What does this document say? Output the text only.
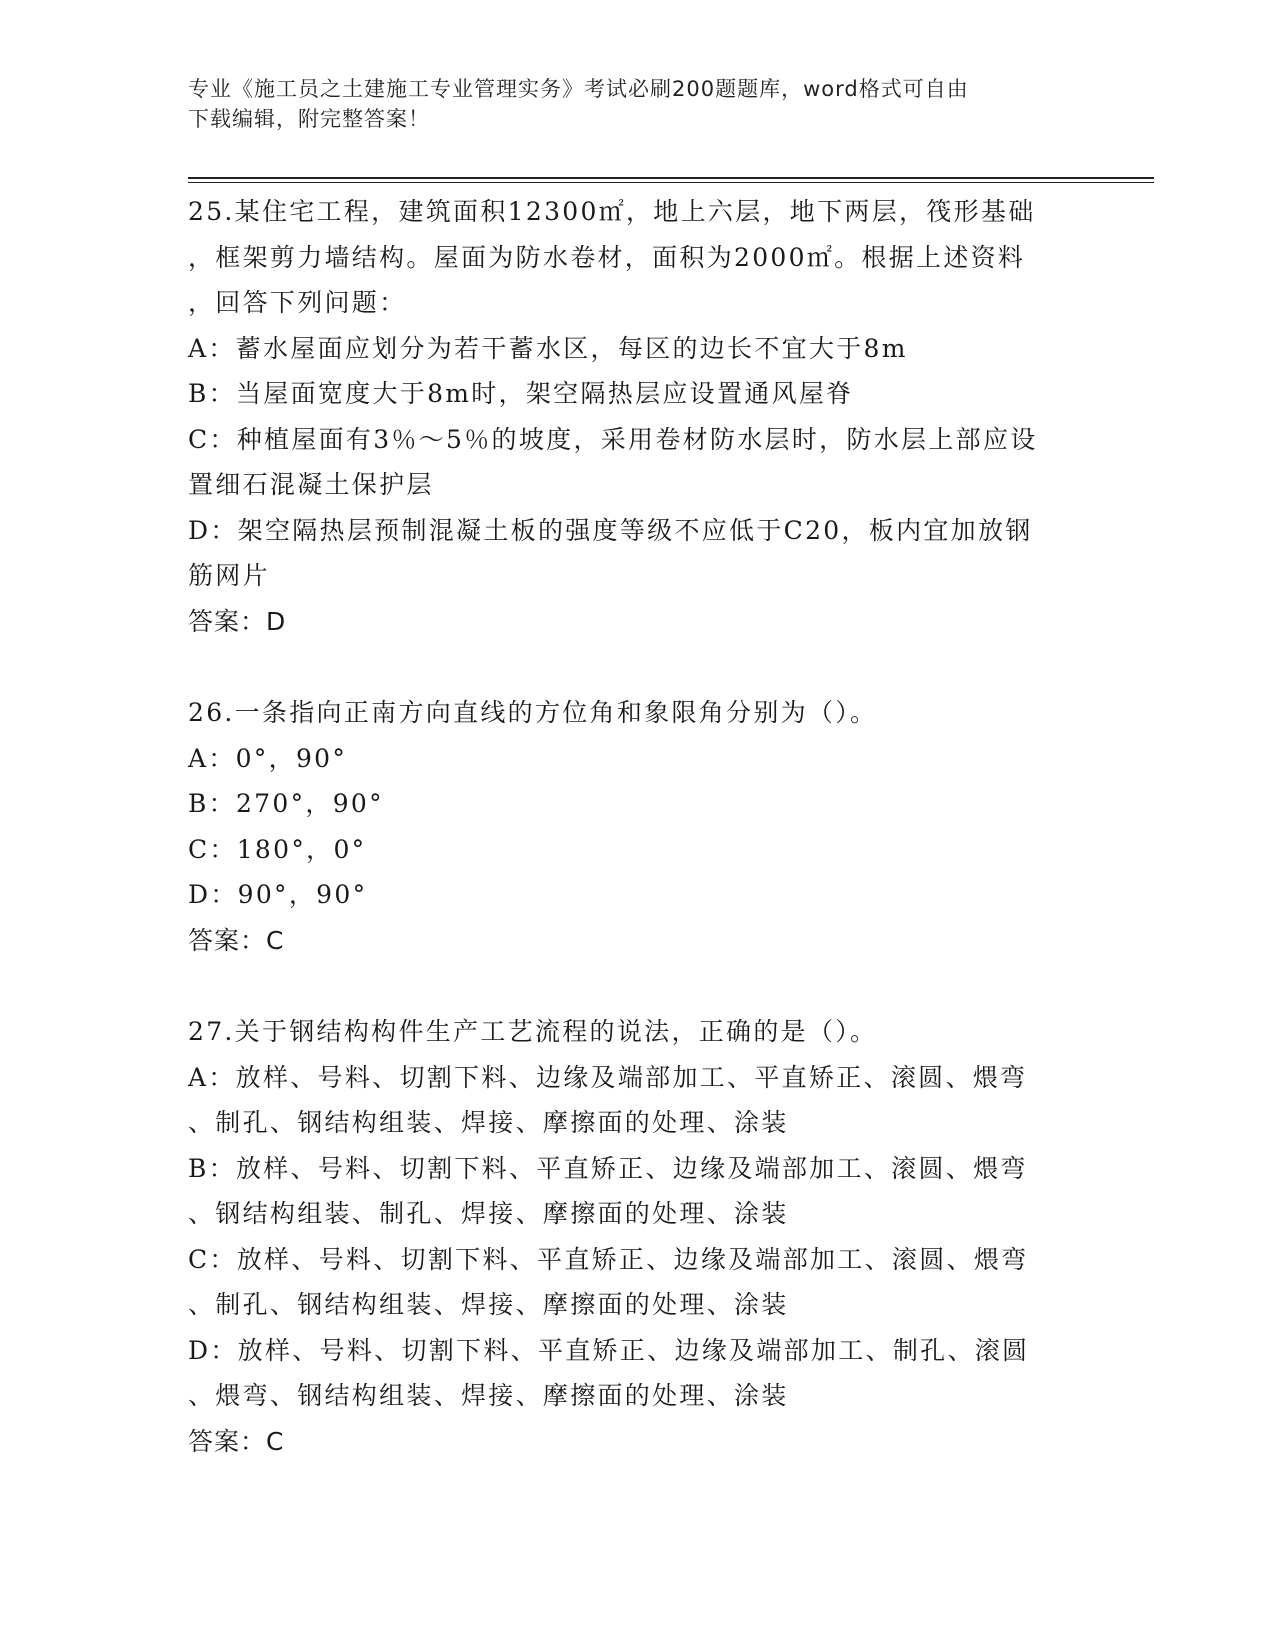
专业《施工员之土建施工专业管理实务》考试必刷200题题库，word格式可自由
下载编辑，附完整答案！
25.某住宅工程，建筑面积12300㎡，地上六层，地下两层，筏形基础
，框架剪力墙结构。屋面为防水卷材，面积为2000㎡。根据上述资料
，回答下列问题：
A：蓄水屋面应划分为若干蓄水区，每区的边长不宜大于8m
B：当屋面宽度大于8m时，架空隔热层应设置通风屋脊
C：种植屋面有3％～5％的坡度，采用卷材防水层时，防水层上部应设
置细石混凝土保护层
D：架空隔热层预制混凝土板的强度等级不应低于C20，板内宜加放钢
筋网片
答案：D
26.一条指向正南方向直线的方位角和象限角分别为（）。
A：0°，90°
B：270°，90°
C：180°，0°
D：90°，90°
答案：C
27.关于钢结构构件生产工艺流程的说法，正确的是（）。
A：放样、号料、切割下料、边缘及端部加工、平直矫正、滚圆、煨弯
、制孔、钢结构组装、焊接、摩擦面的处理、涂装
B：放样、号料、切割下料、平直矫正、边缘及端部加工、滚圆、煨弯
、钢结构组装、制孔、焊接、摩擦面的处理、涂装
C：放样、号料、切割下料、平直矫正、边缘及端部加工、滚圆、煨弯
、制孔、钢结构组装、焊接、摩擦面的处理、涂装
D：放样、号料、切割下料、平直矫正、边缘及端部加工、制孔、滚圆
、煨弯、钢结构组装、焊接、摩擦面的处理、涂装
答案：C
